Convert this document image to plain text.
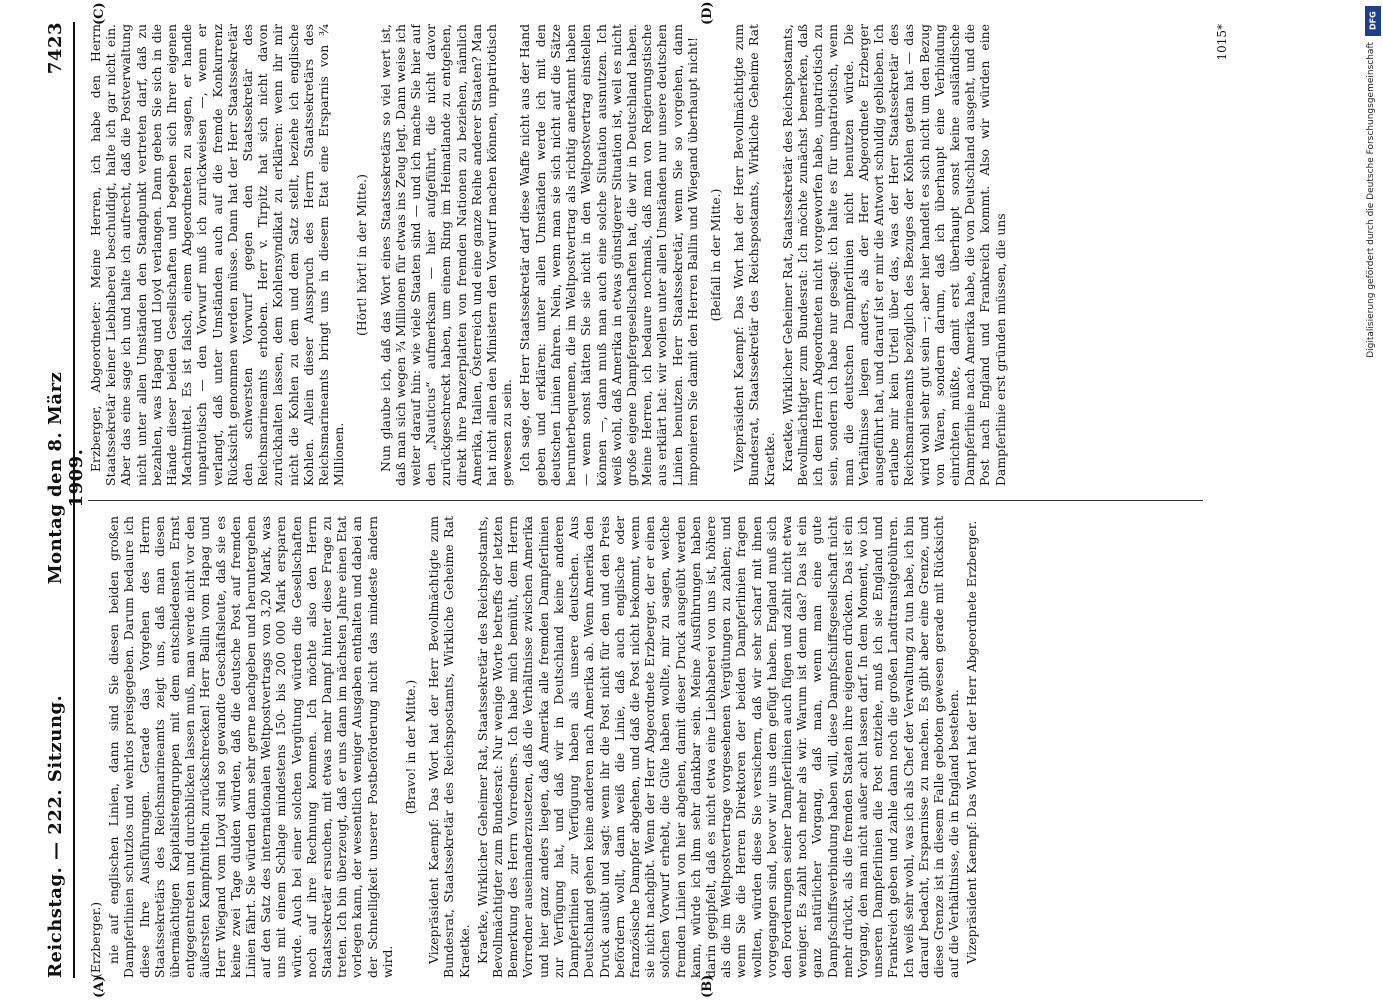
Reichstag. — 222. Sitzung.
Montag den 8. März 1909.
7423

(Erzberger.) nie auf englischen Linien, dann sind Sie diesen beiden großen Dampferlinien schutzlos und wehrlos preisgegeben. Darum bedaure ich diese Ihre Ausführungen. Gerade das Vorgehen des Herrn Staatssekretärs des Reichsmarineamts zeigt uns, daß man diesen übermächtigen Kapitalistengruppen mit dem entschiedensten Ernst entgegentreten und durchblicken lassen muß, man werde nicht vor den äußersten Kampfmitteln zurückschrecken! Herr Ballin vom Hapag und Herr Wiegand vom Lloyd sind so gewandte Geschäftsleute, daß sie es keine zwei Tage dulden würden, daß die deutsche Post auf fremden Linien fährt. Sie würden dann sehr gerne nachgeben und heruntergehen auf den Satz des internationalen Weltpostvertrags von 3,20 Mark, was uns mit einem Schlage mindestens 150- bis 200 000 Mark ersparen würde. Auch bei einer solchen Vergütung würden die Gesellschaften noch auf ihre Rechnung kommen. Ich möchte also den Herrn Staatssekretär ersuchen, mit etwas mehr Dampf hinter diese Frage zu treten. Ich bin überzeugt, daß er uns dann im nächsten Jahre einen Etat vorlegen kann, der wesentlich weniger Ausgaben enthalten und dabei an der Schnelligkeit unserer Postbeförderung nicht das mindeste ändern wird.

(Bravo! in der Mitte.) Vizepräsident Kaempf: Das Wort hat der Herr Bevollmächtigte zum Bundesrat, Staatssekretär des Reichspostamts, Wirkliche Geheime Rat Kraetke. Kraetke, Wirklicher Geheimer Rat, Staatssekretär des Reichspostamts, Bevollmächtigter zum Bundesrat: Nur wenige Worte betreffs der letzten Bemerkung des Herrn Vorredners. Ich habe mich bemüht, dem Herrn Vorredner auseinanderzusetzen, daß die Verhältnisse zwischen Amerika und hier ganz anders liegen, daß Amerika alle fremden Dampferlinien zur Verfügung hat, und daß wir in Deutschland keine anderen Dampferlinien zur Verfügung haben als unsere deutschen. Aus Deutschland gehen keine anderen nach Amerika ab. Wenn Amerika den Druck ausübt und sagt: wenn ihr die Post nicht für den und den Preis befördern wollt, dann weiß die Linie, daß auch englische oder französische Dampfer abgehen, und daß die Post nicht bekommt, wenn sie nicht nachgibt. Wenn der Herr Abgeordnete Erzberger, der er einen solchen Vorwurf erhebt, die Güte haben wollte, mir zu sagen, welche fremden Linien von hier abgehen, damit dieser Druck ausgeübt werden kann, würde ich ihm sehr dankbar sein. Meine Ausführungen haben darin gegipfelt, daß es nicht etwa eine Liebhaberei von uns ist, höhere als die im Weltpostvertrage vorgesehenen Vergütungen zu zahlen; und wenn Sie die Herren Direktoren der beiden Dampferlinien fragen wollten, würden diese Sie versichern, daß wir sehr scharf mit ihnen vorgegangen sind, bevor wir uns dem gefügt haben. England muß sich den Forderungen seiner Dampferlinien auch fügen und zahlt nicht etwa weniger. Es zahlt noch mehr als wir. Warum ist denn das? Das ist ein ganz natürlicher Vorgang, daß man, wenn man eine gute Dampfschiffsverbindung haben will, diese Dampfschiffsgesellschaft nicht mehr drückt, als die fremden Staaten ihre eigenen drücken. Das ist ein Vorgang, den man nicht außer acht lassen darf. In dem Moment, wo ich unseren Dampferlinien die Post entziehe, muß ich sie England und Frankreich geben und zahle dann noch die großen Landtransitgebühren. Ich weiß sehr wohl, was ich als Chef der Verwaltung zu tun habe, ich bin darauf bedacht, Ersparnisse zu machen. Es gibt aber eine Grenze, und diese Grenze ist in diesem Falle geboten gewesen gerade mit Rücksicht auf die Verhältnisse, die in England bestehen. Vizepräsident Kaempf: Das Wort hat der Herr Abgeordnete Erzberger.

Erzberger, Abgeordneter: Meine Herren, ich habe den Herrn Staatssekretär keiner Liebhaberei beschuldigt, halte ich gar nicht ein. Aber das eine sage ich und halte ich aufrecht, daß die Postverwaltung nicht unter allen Umständen den Standpunkt vertreten darf, daß zu bezahlen, was Hapag und Lloyd verlangen. Dann geben Sie sich in die Hände dieser beiden Gesellschaften und begeben sich Ihrer eigenen Machtmittel. Es ist falsch, einem Abgeordneten zu sagen, er handle unpatriotisch — den Vorwurf muß ich zurückweisen —, wenn er verlangt, daß unter Umständen auch auf die fremde Konkurrenz Rücksicht genommen werden müsse. Dann hat der Herr Staatssekretär den schwersten Vorwurf gegen den Staatssekretär des Reichsmarineamts erhoben. Herr v. Tirpitz hat sich nicht davon zurückhalten lassen, dem Kohlensyndikat zu erklären: wenn ihr mir nicht die Kohlen zu dem und dem Satz stellt, beziehe ich englische Kohlen. Allein dieser Ausspruch des Herrn Staatssekretärs des Reichsmarineamts bringt uns in diesem Etat eine Ersparnis von ¾ Millionen.

(Hört! hört! in der Mitte.) Nun glaube ich, daß das Wort eines Staatssekretärs so viel wert ist, daß man sich wegen ¾ Millionen für etwas ins Zeug legt. Dann weise ich weiter darauf hin: wie viele Staaten sind — und ich mache Sie hier auf den „Nauticus“ aufmerksam — hier aufgeführt, die nicht davor zurückgeschreckt haben, um einem Ring im Heimatlande zu entgehen, direkt ihre Panzerplatten von fremden Nationen zu beziehen, nämlich Amerika, Italien, Österreich und eine ganze Reihe anderer Staaten? Man hat nicht allen den Ministern den Vorwurf machen können, unpatriotisch gewesen zu sein. Ich sage, der Herr Staatssekretär darf diese Waffe nicht aus der Hand geben und erklären: unter allen Umständen werde ich mit den deutschen Linien fahren. Nein, wenn man sie sich nicht auf die Sätze herunterbequemen, die im Weltpostvertrag als richtig anerkannt haben — wenn sonst hätten Sie sie nicht in den Weltpostvertrag einstellen können —, dann muß man auch eine solche Situation ausnutzen. Ich weiß wohl, daß Amerika in etwas günstigerer Situation ist, weil es nicht große eigene Dampfergesellschaften hat, die wir in Deutschland haben. Meine Herren, ich bedaure nochmals, daß man von Regierungstische aus erklärt hat: wir wollen unter allen Umständen nur unsere deutschen Linien benutzen. Herr Staatssekretär, wenn Sie so vorgehen, dann imponieren Sie damit den Herren Ballin und Wiegand überhaupt nicht! (Beifall in der Mitte.) Vizepräsident Kaempf: Das Wort hat der Herr Bevollmächtigte zum Bundesrat, Staatssekretär des Reichspostamts, Wirkliche Geheime Rat Kraetke. Kraetke, Wirklicher Geheimer Rat, Staatssekretär des Reichspostamts, Bevollmächtigter zum Bundesrat: Ich möchte zunächst bemerken, daß ich dem Herrn Abgeordneten nicht vorgeworfen habe, unpatriotisch zu sein, sondern ich habe nur gesagt: ich halte es für unpatriotisch, wenn man die deutschen Dampferlinien nicht benutzen würde. Die Verhältnisse liegen anders, als der Herr Abgeordnete Erzberger ausgeführt hat, und darauf ist er mir die Antwort schuldig geblieben. Ich erlaube mir kein Urteil über das, was der Herr Staatssekretär des Reichsmarineamts bezüglich des Bezuges der Kohlen getan hat — das wird wohl sehr gut sein —; aber hier handelt es sich nicht um den Bezug von Waren, sondern darum, daß ich überhaupt eine Verbindung einrichten müßte, damit erst überhaupt sonst keine ausländische Dampferlinie nach Amerika habe, die von Deutschland ausgeht, und die Post nach England und Frankreich kommt. Also wir würden eine Dampferlinie erst gründen müssen, die uns

(A)	(B)
(C)	(D)
1015*
DFG
Digitalisierung gefördert durch die Deutsche Forschungsgemeinschaft
